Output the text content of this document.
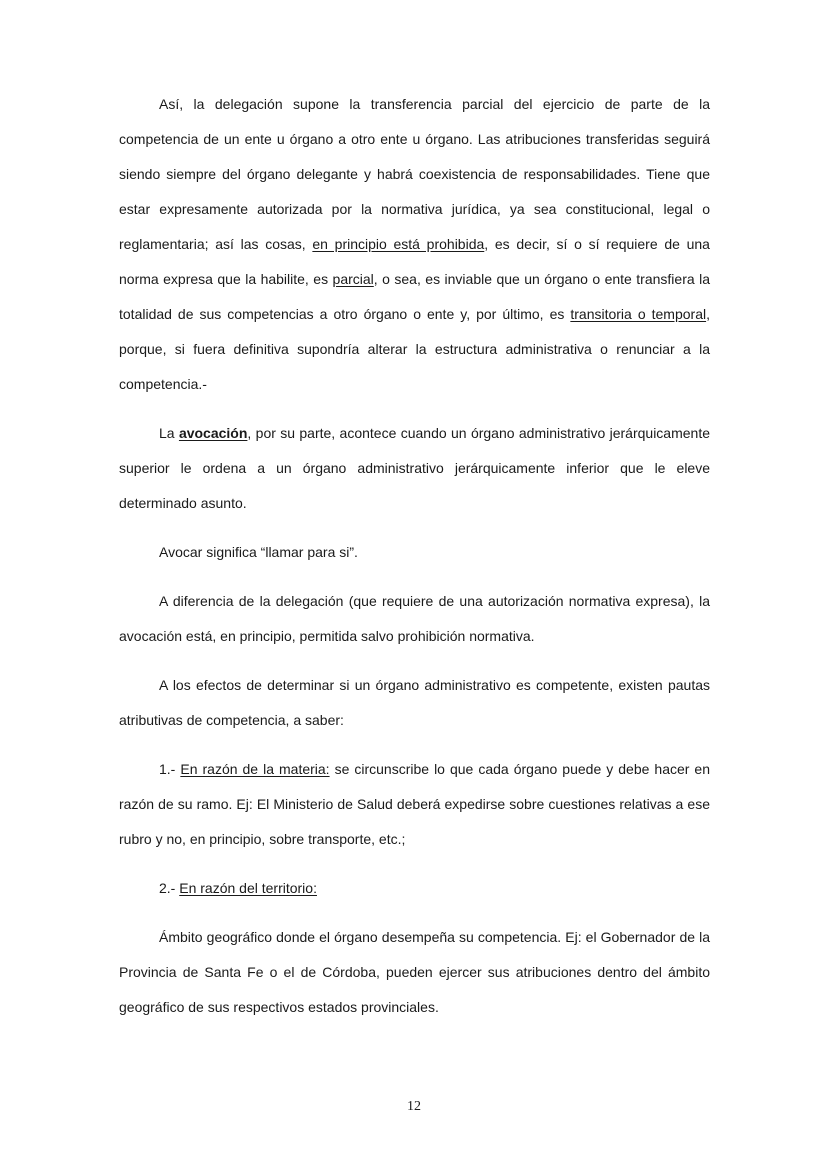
Así, la delegación supone la transferencia parcial del ejercicio de parte de la competencia de un ente u órgano a otro ente u órgano. Las atribuciones transferidas seguirá siendo siempre del órgano delegante y habrá coexistencia de responsabilidades. Tiene que estar expresamente autorizada por la normativa jurídica, ya sea constitucional, legal o reglamentaria; así las cosas, en principio está prohibida, es decir, sí o sí requiere de una norma expresa que la habilite, es parcial, o sea, es inviable que un órgano o ente transfiera la totalidad de sus competencias a otro órgano o ente y, por último, es transitoria o temporal, porque, si fuera definitiva supondría alterar la estructura administrativa o renunciar a la competencia.-

La avocación, por su parte, acontece cuando un órgano administrativo jerárquicamente superior le ordena a un órgano administrativo jerárquicamente inferior que le eleve determinado asunto.

Avocar significa “llamar para si”.

A diferencia de la delegación (que requiere de una autorización normativa expresa), la avocación está, en principio, permitida salvo prohibición normativa.

A los efectos de determinar si un órgano administrativo es competente, existen pautas atributivas de competencia, a saber:

1.- En razón de la materia: se circunscribe lo que cada órgano puede y debe hacer en razón de su ramo. Ej: El Ministerio de Salud deberá expedirse sobre cuestiones relativas a ese rubro y no, en principio, sobre transporte, etc.;

2.- En razón del territorio:

Ámbito geográfico donde el órgano desempeña su competencia. Ej: el Gobernador de la Provincia de Santa Fe o el de Córdoba, pueden ejercer sus atribuciones dentro del ámbito geográfico de sus respectivos estados provinciales.

12
